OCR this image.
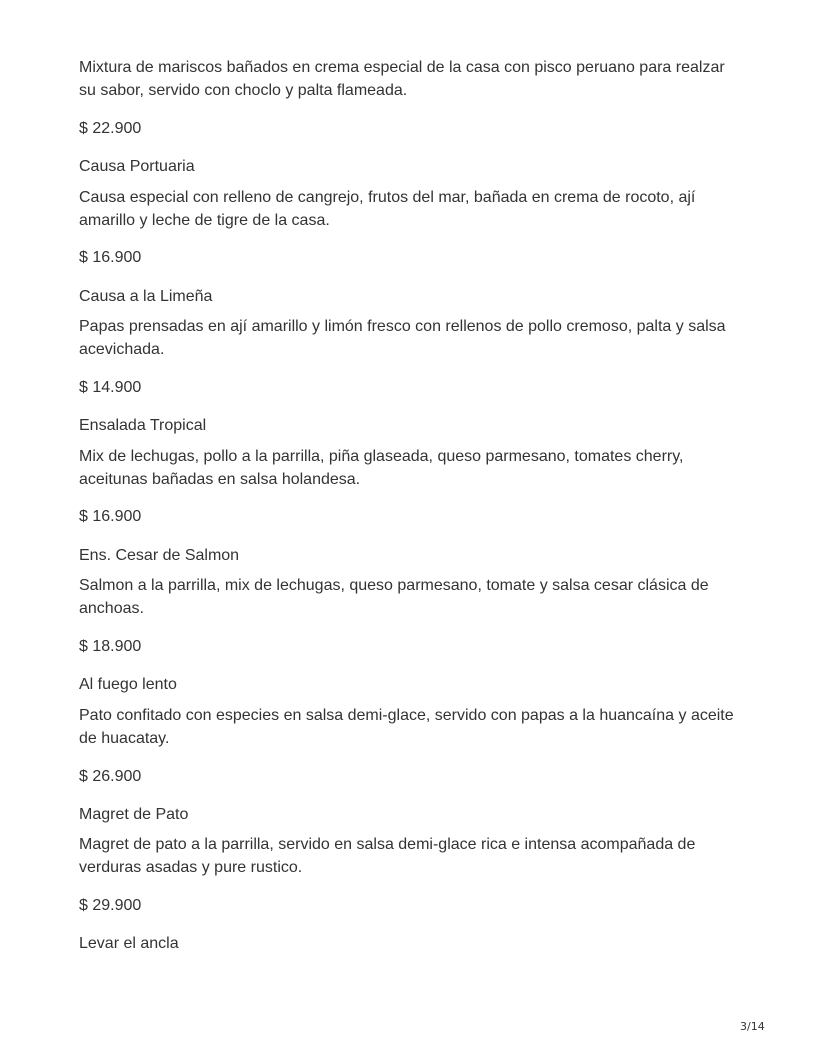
Mixtura de mariscos bañados en crema especial de la casa con pisco peruano para realzar su sabor, servido con choclo y palta flameada.

$ 22.900

Causa Portuaria

Causa especial con relleno de cangrejo, frutos del mar, bañada en crema de rocoto, ají amarillo y leche de tigre de la casa.

$ 16.900

Causa a la Limeña

Papas prensadas en ají amarillo y limón fresco con rellenos de pollo cremoso, palta y salsa acevichada.

$ 14.900

Ensalada Tropical

Mix de lechugas, pollo a la parrilla, piña glaseada, queso parmesano, tomates cherry, aceitunas bañadas en salsa holandesa.

$ 16.900

Ens. Cesar de Salmon

Salmon a la parrilla, mix de lechugas, queso parmesano, tomate y salsa cesar clásica de anchoas.

$ 18.900

Al fuego lento

Pato confitado con especies en salsa demi-glace, servido con papas a la huancaína y aceite de huacatay.

$ 26.900

Magret de Pato

Magret de pato a la parrilla, servido en salsa demi-glace rica e intensa acompañada de verduras asadas y pure rustico.

$ 29.900

Levar el ancla

3/14
